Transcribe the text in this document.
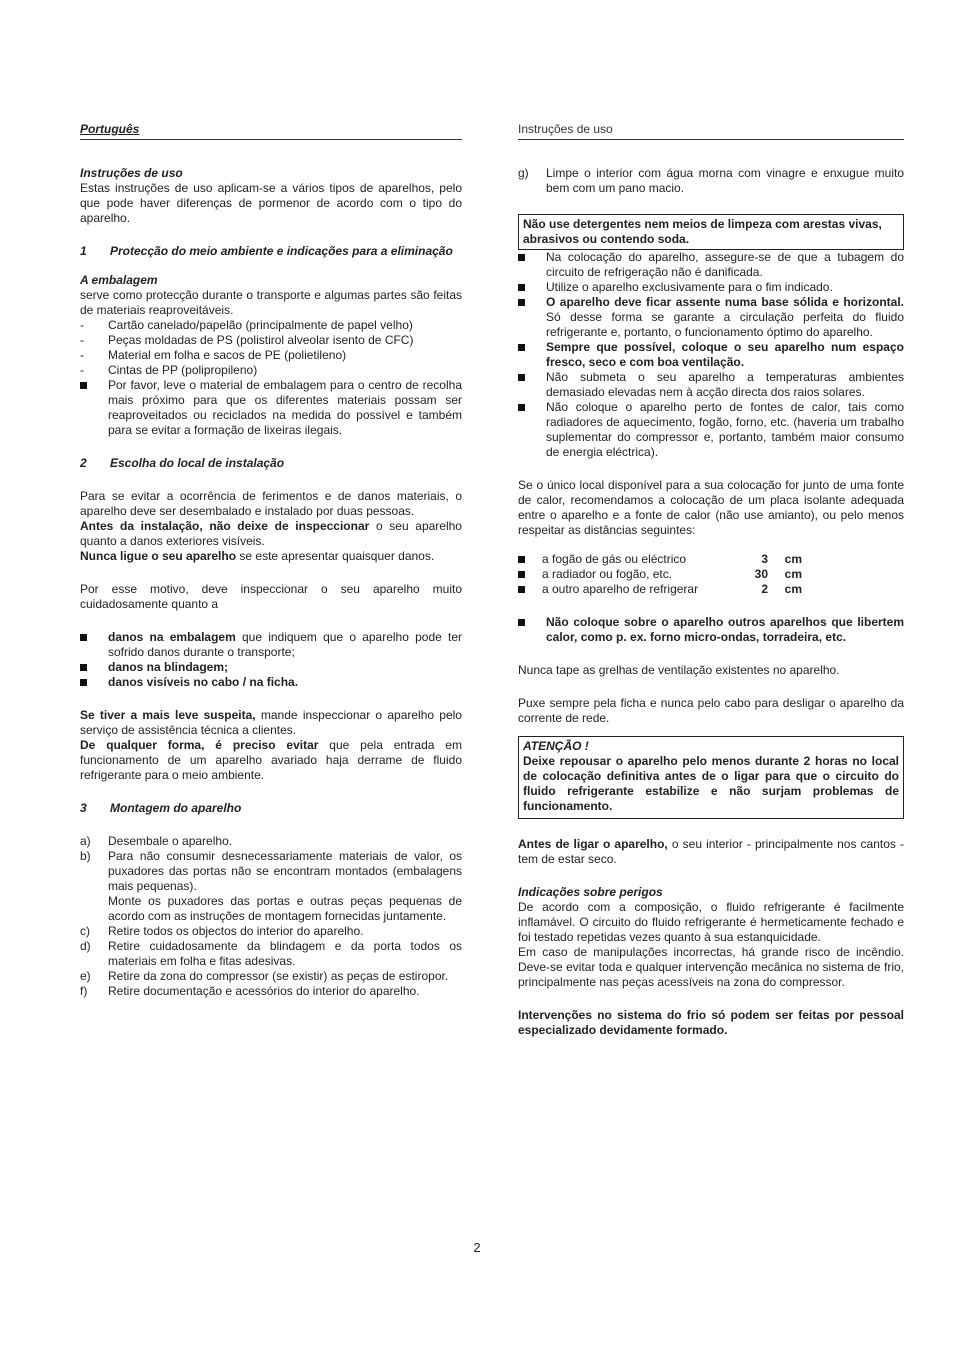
Português
Instruções de uso

Estas instruções de uso aplicam-se a vários tipos de aparelhos, pelo que pode haver diferenças de pormenor de acordo com o tipo do aparelho.

1	Protecção do meio ambiente e indicações para a eliminação
A embalagem

serve como protecção durante o transporte e algumas partes são feitas de materiais reaproveitáveis.

-	Cartão canelado/papelão (principalmente de papel velho)
-	Peças moldadas de PS (polistirol alveolar isento de CFC)
-	Material em folha e sacos de PE (polietileno)
-	Cintas de PP (polipropileno)
Por favor, leve o material de embalagem para o centro de recolha mais próximo para que os diferentes materiais possam ser reaproveitados ou reciclados na medida do possível e também para se evitar a formação de lixeiras ilegais.
2	Escolha do local de instalação

Para se evitar a ocorrência de ferimentos e de danos materiais, o aparelho deve ser desembalado e instalado por duas pessoas.

Antes da instalação, não deixe de inspeccionar o seu aparelho quanto a danos exteriores visíveis.

Nunca ligue o seu aparelho se este apresentar quaisquer danos.

Por esse motivo, deve inspeccionar o seu aparelho muito cuidadosamente quanto a

danos na embalagem que indiquem que o aparelho pode ter sofrido danos durante o transporte;
danos na blindagem;
danos visíveis no cabo / na ficha.

Se tiver a mais leve suspeita, mande inspeccionar o aparelho pelo serviço de assistência técnica a clientes.

De qualquer forma, é preciso evitar que pela entrada em funcionamento de um aparelho avariado haja derrame de fluido refrigerante para o meio ambiente.

3	Montagem do aparelho
a)	Desembale o aparelho.
b)	Para não consumir desnecessariamente materiais de valor, os puxadores das portas não se encontram montados (embalagens mais pequenas).
Monte os puxadores das portas e outras peças pequenas de acordo com as instruções de montagem fornecidas juntamente.
c)	Retire todos os objectos do interior do aparelho.
d)	Retire cuidadosamente da blindagem e da porta todos os materiais em folha e fitas adesivas.
e)	Retire da zona do compressor (se existir) as peças de estiropor.
f)	Retire documentação e acessórios do interior do aparelho.
Instruções de uso
g)	Limpe o interior com água morna com vinagre e enxugue muito bem com um pano macio.
Não use detergentes nem meios de limpeza com arestas vivas, abrasivos ou contendo soda.
Na colocação do aparelho, assegure-se de que a tubagem do circuito de refrigeração não é danificada.
Utilize o aparelho exclusivamente para o fim indicado.
O aparelho deve ficar assente numa base sólida e horizontal. Só desse forma se garante a circulação perfeita do fluido refrigerante e, portanto, o funcionamento óptimo do aparelho.
Sempre que possível, coloque o seu aparelho num espaço fresco, seco e com boa ventilação.
Não submeta o seu aparelho a temperaturas ambientes demasiado elevadas nem à acção directa dos raios solares.
Não coloque o aparelho perto de fontes de calor, tais como radiadores de aquecimento, fogão, forno, etc. (haveria um trabalho suplementar do compressor e, portanto, também maior consumo de energia eléctrica).

Se o único local disponível para a sua colocação for junto de uma fonte de calor, recomendamos a colocação de um placa isolante adequada entre o aparelho e a fonte de calor (não use amianto), ou pelo menos respeitar as distâncias seguintes:

a fogão de gás ou eléctrico	3	cm
a radiador ou fogão, etc.	30	cm
a outro aparelho de refrigerar	2	cm
Não coloque sobre o aparelho outros aparelhos que libertem calor, como p. ex. forno micro-ondas, torradeira, etc.

Nunca tape as grelhas de ventilação existentes no aparelho.

Puxe sempre pela ficha e nunca pelo cabo para desligar o aparelho da corrente de rede.

ATENÇÃO !

Deixe repousar o aparelho pelo menos durante 2 horas no local de colocação definitiva antes de o ligar para que o circuito do fluido refrigerante estabilize e não surjam problemas de funcionamento.

Antes de ligar o aparelho, o seu interior - principalmente nos cantos - tem de estar seco.

Indicações sobre perigos

De acordo com a composição, o fluido refrigerante é facilmente inflamável. O circuito do fluido refrigerante é hermeticamente fechado e foi testado repetidas vezes quanto à sua estanquicidade.

Em caso de manipulações incorrectas, há grande risco de incêndio. Deve-se evitar toda e qualquer intervenção mecânica no sistema de frio, principalmente nas peças acessíveis na zona do compressor.

Intervenções no sistema do frio só podem ser feitas por pessoal especializado devidamente formado.

2
